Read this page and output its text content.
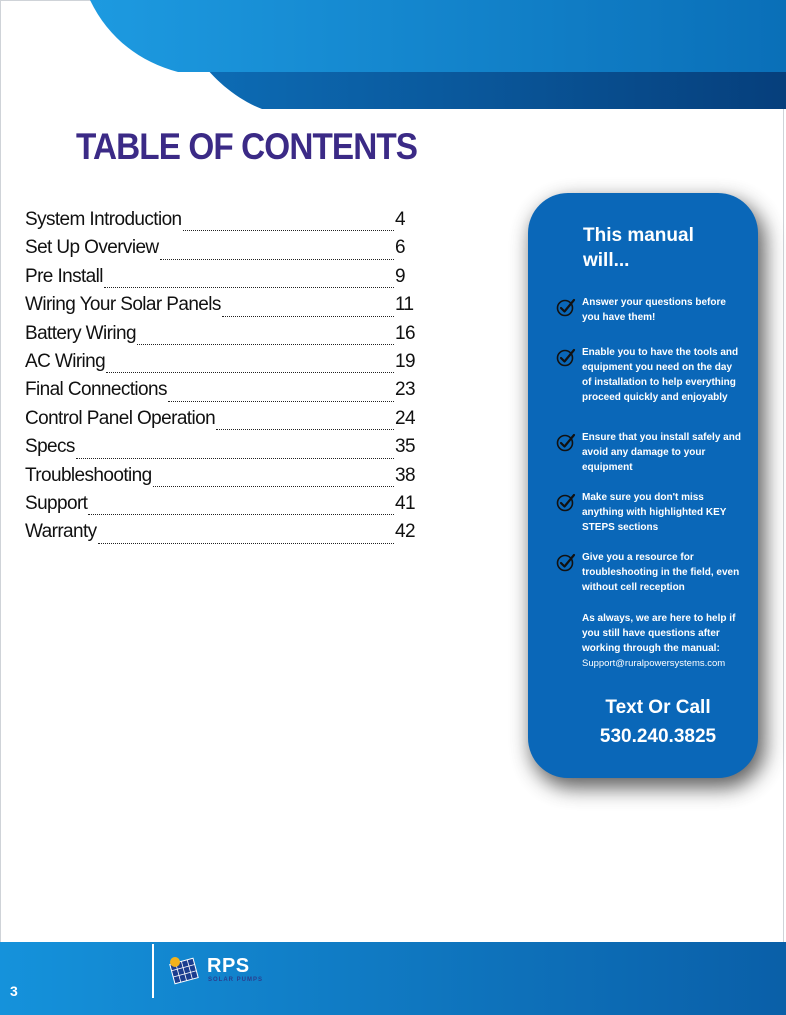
TABLE OF CONTENTS
System Introduction	4
Set Up Overview	6
Pre Install	9
Wiring Your Solar Panels	11
Battery Wiring	16
AC Wiring	19
Final Connections	23
Control Panel Operation	24
Specs	35
Troubleshooting	38
Support	41
Warranty	42
This manual will...
Answer your questions before you have them!
Enable you to have the tools and equipment you need on the day of installation to help everything proceed quickly and enjoyably
Ensure that you install safely and avoid any damage to your equipment
Make sure you don't miss anything with highlighted KEY STEPS sections
Give you a resource for troubleshooting in the field, even without cell reception
As always, we are here to help if you still have questions after working through the manual:
Support@ruralpowersystems.com
Text Or Call
530.240.3825
3
RPS
SOLAR PUMPS
